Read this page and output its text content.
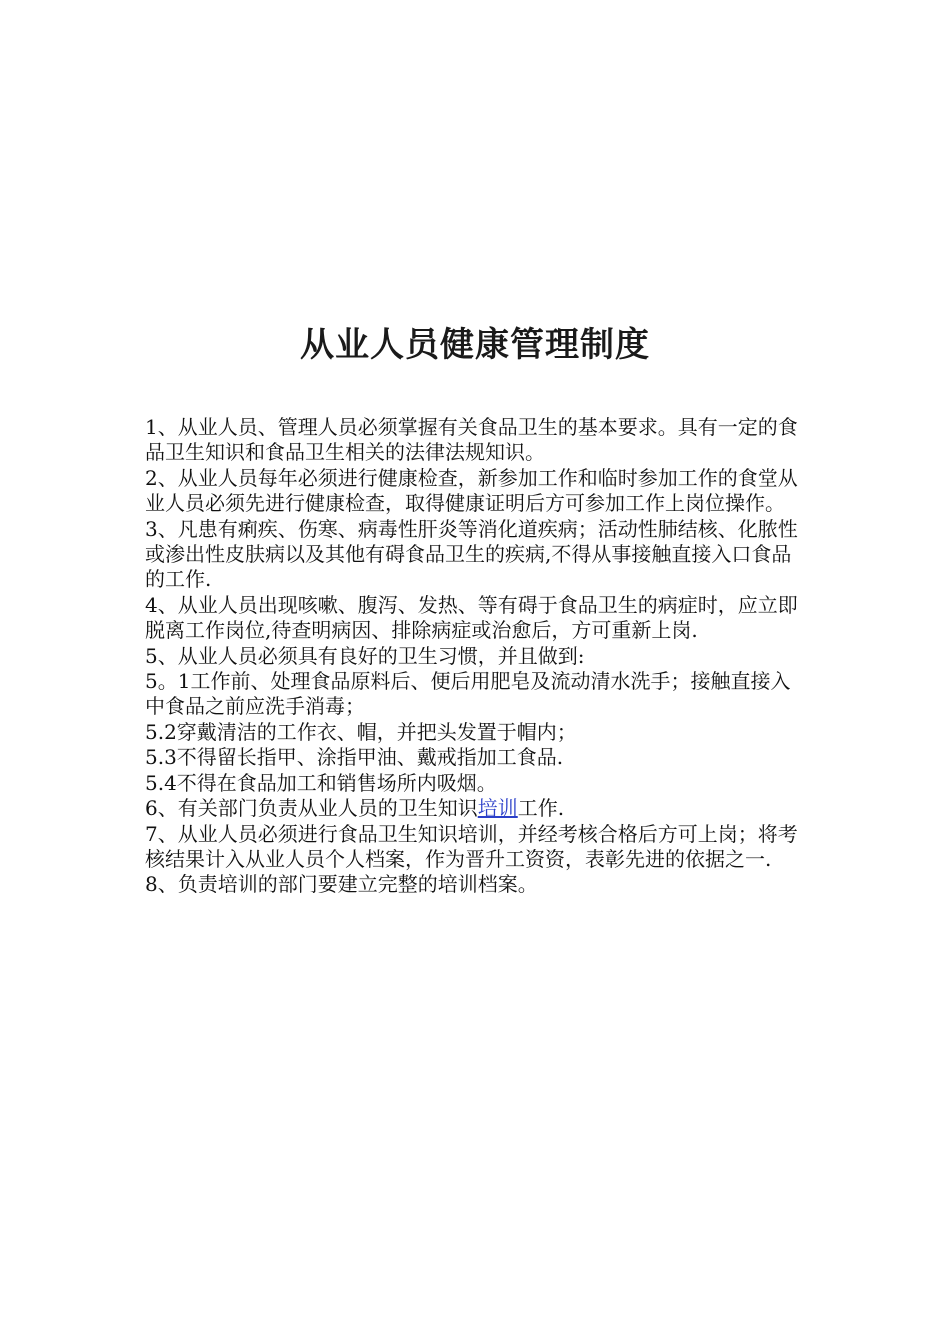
从业人员健康管理制度

1、从业人员、管理人员必须掌握有关食品卫生的基本要求。具有一定的食品卫生知识和食品卫生相关的法律法规知识。

2、从业人员每年必须进行健康检查，新参加工作和临时参加工作的食堂从业人员必须先进行健康检查，取得健康证明后方可参加工作上岗位操作。

3、凡患有痢疾、伤寒、病毒性肝炎等消化道疾病；活动性肺结核、化脓性或渗出性皮肤病以及其他有碍食品卫生的疾病,不得从事接触直接入口食品的工作.

4、从业人员出现咳嗽、腹泻、发热、等有碍于食品卫生的病症时，应立即脱离工作岗位,待查明病因、排除病症或治愈后，方可重新上岗.

5、从业人员必须具有良好的卫生习惯，并且做到:

5。1工作前、处理食品原料后、便后用肥皂及流动清水洗手；接触直接入中食品之前应洗手消毒；

5.2穿戴清洁的工作衣、帽，并把头发置于帽内；

5.3不得留长指甲、涂指甲油、戴戒指加工食品.

5.4不得在食品加工和销售场所内吸烟。

6、有关部门负责从业人员的卫生知识培训工作.

7、从业人员必须进行食品卫生知识培训，并经考核合格后方可上岗；将考核结果计入从业人员个人档案，作为晋升工资资，表彰先进的依据之一.

8、负责培训的部门要建立完整的培训档案。
